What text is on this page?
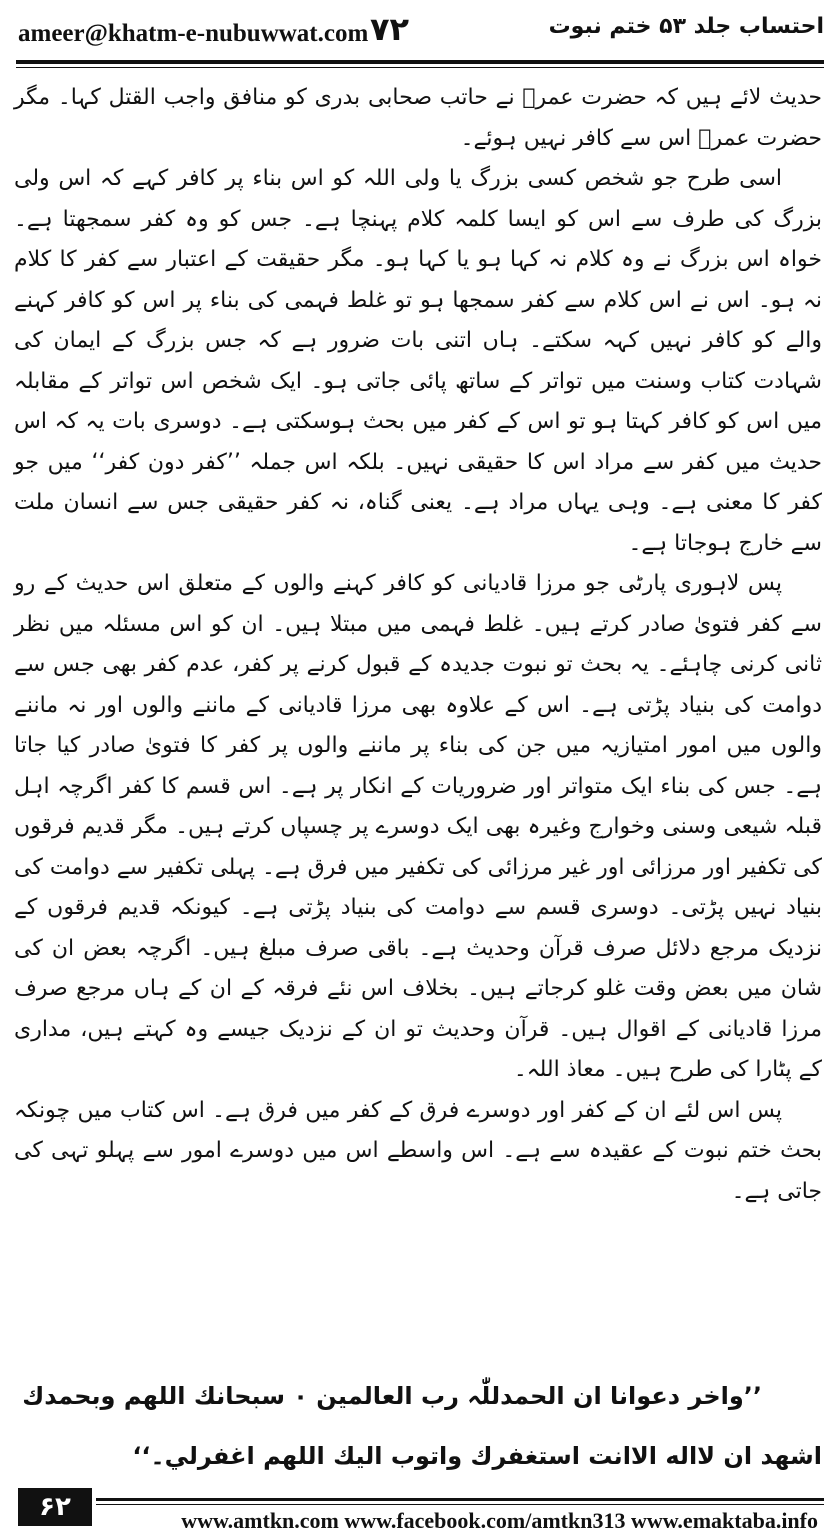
ameer@khatm-e-nubuwwat.com ۷۲	احتساب جلد ۵۳ ختم نبوت

حدیث لائے ہیں کہ حضرت عمرؓ نے حاتب صحابی بدری کو منافق واجب القتل کہا۔ مگر حضرت عمرؓ اس سے کافر نہیں ہوئے۔

اسی طرح جو شخص کسی بزرگ یا ولی اللہ کو اس بناء پر کافر کہے کہ اس ولی بزرگ کی طرف سے اس کو ایسا کلمہ کلام پہنچا ہے۔ جس کو وہ کفر سمجھتا ہے۔ خواہ اس بزرگ نے وہ کلام نہ کہا ہو یا کہا ہو۔ مگر حقیقت کے اعتبار سے کفر کا کلام نہ ہو۔ اس نے اس کلام سے کفر سمجھا ہو تو غلط فہمی کی بناء پر اس کو کافر کہنے والے کو کافر نہیں کہہ سکتے۔ ہاں اتنی بات ضرور ہے کہ جس بزرگ کے ایمان کی شہادت کتاب وسنت میں تواتر کے ساتھ پائی جاتی ہو۔ ایک شخص اس تواتر کے مقابلہ میں اس کو کافر کہتا ہو تو اس کے کفر میں بحث ہوسکتی ہے۔ دوسری بات یہ کہ اس حدیث میں کفر سے مراد اس کا حقیقی نہیں۔ بلکہ اس جملہ ’’کفر دون کفر‘‘ میں جو کفر کا معنی ہے۔ وہی یہاں مراد ہے۔ یعنی گناہ، نہ کفر حقیقی جس سے انسان ملت سے خارج ہوجاتا ہے۔

پس لاہوری پارٹی جو مرزا قادیانی کو کافر کہنے والوں کے متعلق اس حدیث کے رو سے کفر فتویٰ صادر کرتے ہیں۔ غلط فہمی میں مبتلا ہیں۔ ان کو اس مسئلہ میں نظر ثانی کرنی چاہئے۔ یہ بحث تو نبوت جدیدہ کے قبول کرنے پر کفر، عدم کفر بھی جس سے دوامت کی بنیاد پڑتی ہے۔ اس کے علاوہ بھی مرزا قادیانی کے ماننے والوں اور نہ ماننے والوں میں امور امتیازیہ میں جن کی بناء پر ماننے والوں پر کفر کا فتویٰ صادر کیا جاتا ہے۔ جس کی بناء ایک متواتر اور ضروریات کے انکار پر ہے۔ اس قسم کا کفر اگرچہ اہل قبلہ شیعی وسنی وخوارج وغیرہ بھی ایک دوسرے پر چسپاں کرتے ہیں۔ مگر قدیم فرقوں کی تکفیر اور مرزائی اور غیر مرزائی کی تکفیر میں فرق ہے۔ پہلی تکفیر سے دوامت کی بنیاد نہیں پڑتی۔ دوسری قسم سے دوامت کی بنیاد پڑتی ہے۔ کیونکہ قدیم فرقوں کے نزدیک مرجع دلائل صرف قرآن وحدیث ہے۔ باقی صرف مبلغ ہیں۔ اگرچہ بعض ان کی شان میں بعض وقت غلو کرجاتے ہیں۔ بخلاف اس نئے فرقہ کے ان کے ہاں مرجع صرف مرزا قادیانی کے اقوال ہیں۔ قرآن وحدیث تو ان کے نزدیک جیسے وہ کہتے ہیں، مداری کے پٹارا کی طرح ہیں۔ معاذ اللہ۔

پس اس لئے ان کے کفر اور دوسرے فرق کے کفر میں فرق ہے۔ اس کتاب میں چونکہ بحث ختم نبوت کے عقیدہ سے ہے۔ اس واسطے اس میں دوسرے امور سے پہلو تہی کی جاتی ہے۔

’’واخر دعوانا ان الحمدللّٰہ رب العالمین ۰ سبحانك اللهم وبحمدك

اشهد ان لااله الاانت استغفرك واتوب اليك اللهم اغفرلي۔‘‘

۶۲	www.amtkn.com www.facebook.com/amtkn313 www.emaktaba.info
